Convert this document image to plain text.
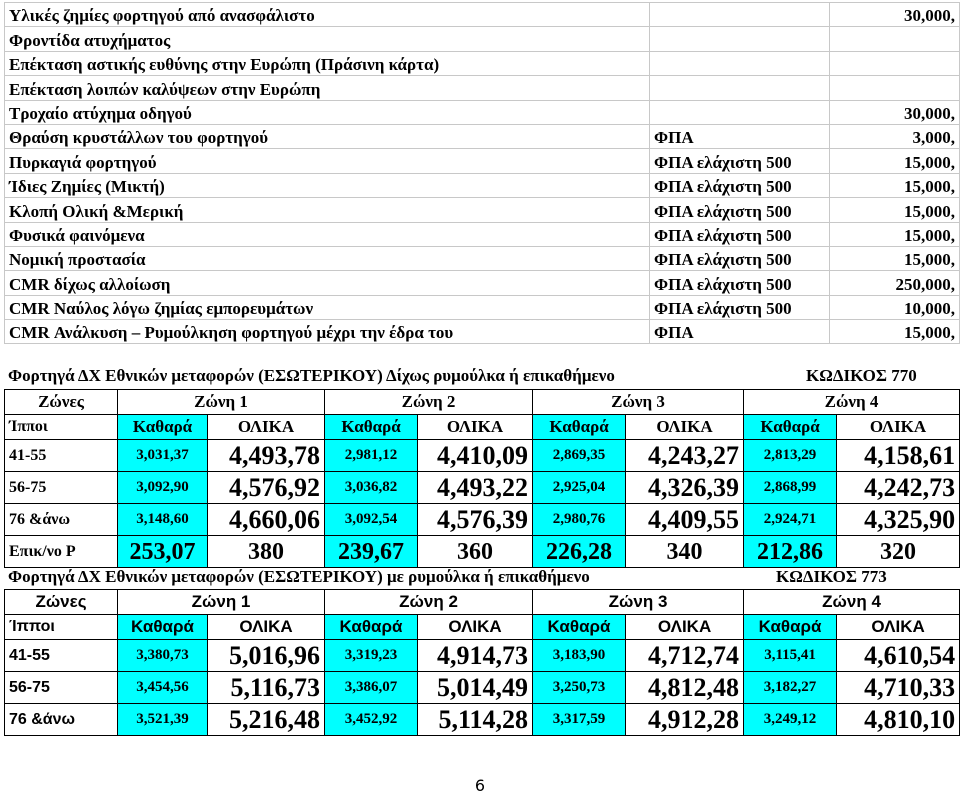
Υλικές ζημίες φορτηγού από ανασφάλιστο		30,000,
Φροντίδα ατυχήματος		
Επέκταση αστικής ευθύνης στην Ευρώπη (Πράσινη κάρτα)		
Επέκταση λοιπών καλύψεων στην Ευρώπη		
Τροχαίο ατύχημα οδηγού		30,000,
Θραύση κρυστάλλων του φορτηγού	ΦΠΑ	3,000,
Πυρκαγιά φορτηγού	ΦΠΑ ελάχιστη 500	15,000,
Ίδιες Ζημίες (Μικτή)	ΦΠΑ ελάχιστη 500	15,000,
Κλοπή Ολική &Μερική	ΦΠΑ ελάχιστη 500	15,000,
Φυσικά φαινόμενα	ΦΠΑ ελάχιστη 500	15,000,
Νομική προστασία	ΦΠΑ ελάχιστη 500	15,000,
CMR δίχως αλλοίωση	ΦΠΑ ελάχιστη 500	250,000,
CMR Ναύλος λόγω ζημίας εμπορευμάτων	ΦΠΑ ελάχιστη 500	10,000,
CMR Ανάλκυση – Ρυμούλκηση φορτηγού μέχρι την έδρα του	ΦΠΑ	15,000,
Φορτηγά ΔΧ Εθνικών μεταφορών (ΕΣΩΤΕΡΙΚΟΥ) Δίχως ρυμούλκα ή επικαθήμενο	ΚΩΔΙΚΟΣ 770
Ζώνες	Ζώνη 1		Ζώνη 2		Ζώνη 3		Ζώνη 4	
Ίπποι	Καθαρά	ΟΛΙΚΑ	Καθαρά	ΟΛΙΚΑ	Καθαρά	ΟΛΙΚΑ	Καθαρά	ΟΛΙΚΑ
41-55	3,031,37	4,493,78	2,981,12	4,410,09	2,869,35	4,243,27	2,813,29	4,158,61
56-75	3,092,90	4,576,92	3,036,82	4,493,22	2,925,04	4,326,39	2,868,99	4,242,73
76 &άνω	3,148,60	4,660,06	3,092,54	4,576,39	2,980,76	4,409,55	2,924,71	4,325,90
Επικ/νο Ρ	253,07	380	239,67	360	226,28	340	212,86	320
Φορτηγά ΔΧ Εθνικών μεταφορών (ΕΣΩΤΕΡΙΚΟΥ) με ρυμούλκα ή επικαθήμενο	ΚΩΔΙΚΟΣ 773
Ζώνες	Ζώνη 1		Ζώνη 2		Ζώνη 3		Ζώνη 4	
Ίπποι	Καθαρά	ΟΛΙΚΑ	Καθαρά	ΟΛΙΚΑ	Καθαρά	ΟΛΙΚΑ	Καθαρά	ΟΛΙΚΑ
41-55	3,380,73	5,016,96	3,319,23	4,914,73	3,183,90	4,712,74	3,115,41	4,610,54
56-75	3,454,56	5,116,73	3,386,07	5,014,49	3,250,73	4,812,48	3,182,27	4,710,33
76 &άνω	3,521,39	5,216,48	3,452,92	5,114,28	3,317,59	4,912,28	3,249,12	4,810,10
6
